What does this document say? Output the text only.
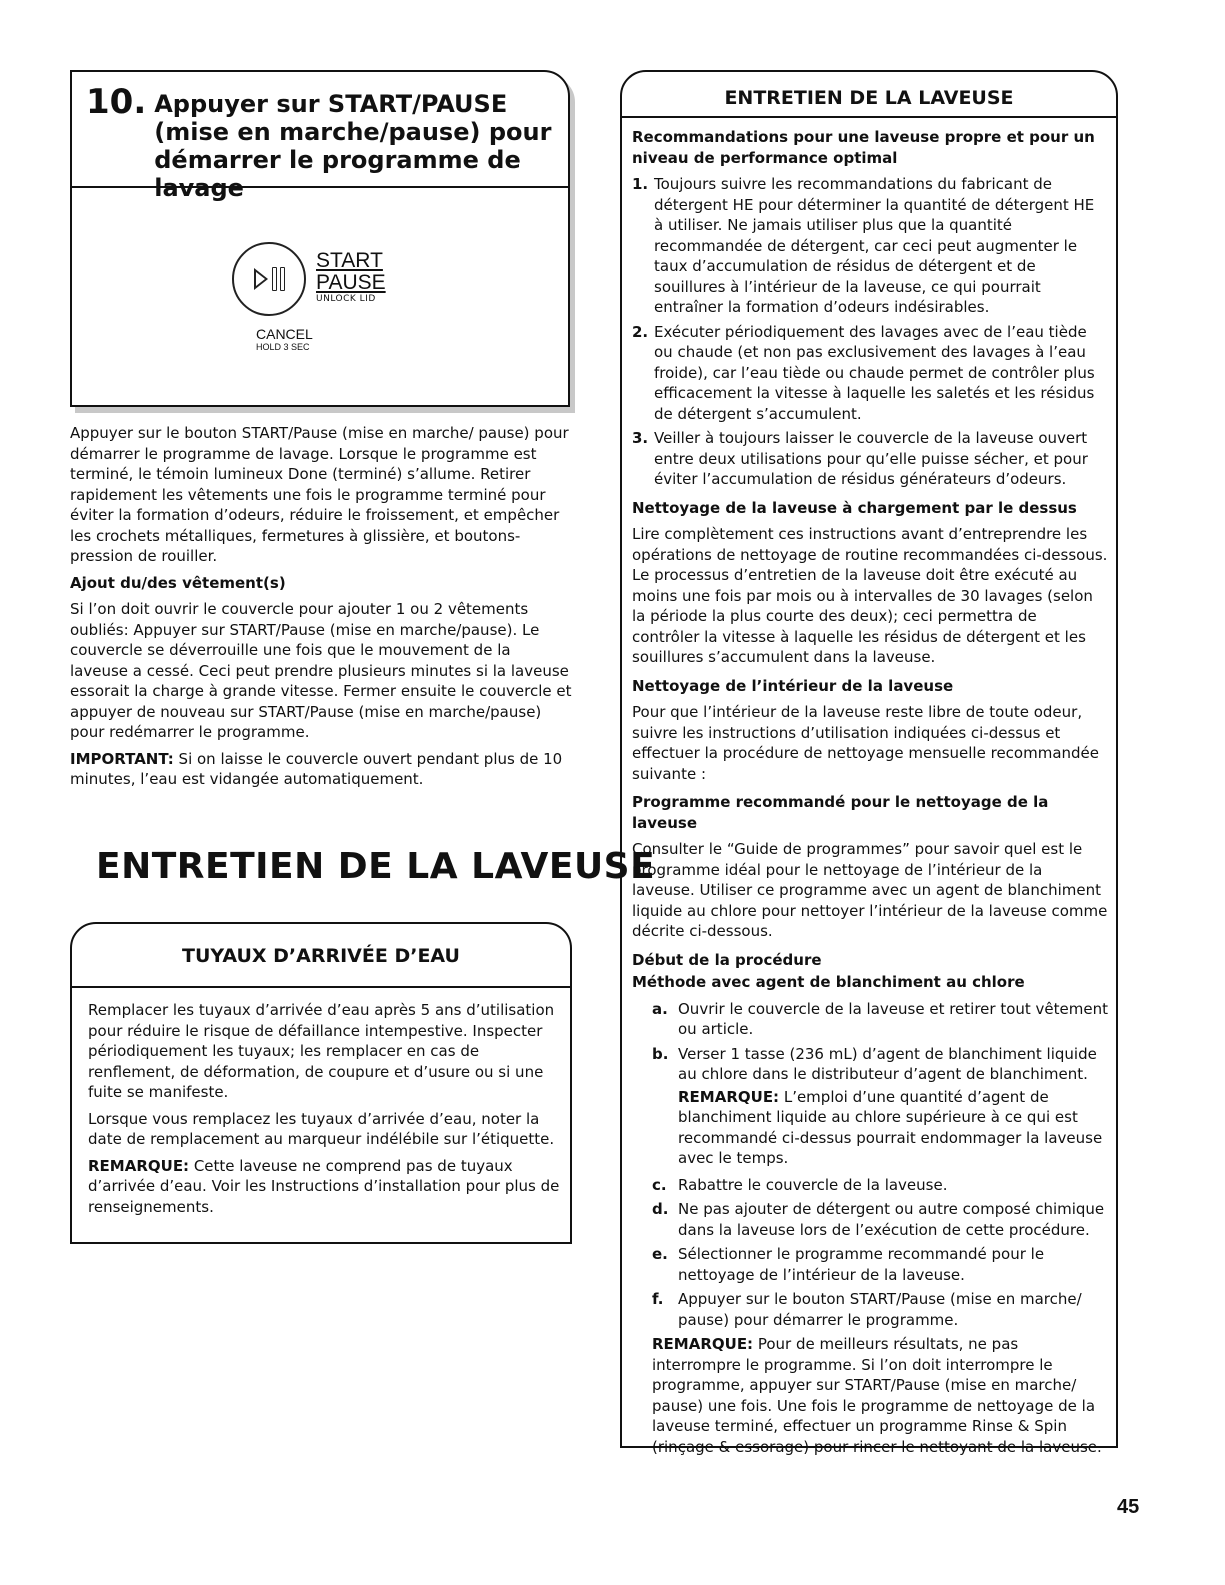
10. Appuyer sur START/PAUSE
(mise en marche/pause) pour
démarrer le programme de lavage
START
PAUSE
UNLOCK LID
CANCEL
HOLD 3 SEC

Appuyer sur le bouton START/Pause (mise en marche/ pause) pour démarrer le programme de lavage. Lorsque le programme est terminé, le témoin lumineux Done (terminé) s’allume. Retirer rapidement les vêtements une fois le programme terminé pour éviter la formation d’odeurs, réduire le froissement, et empêcher les crochets métalliques, fermetures à glissière, et boutons-pression de rouiller.

Ajout du/des vêtement(s)

Si l’on doit ouvrir le couvercle pour ajouter 1 ou 2 vêtements oubliés: Appuyer sur START/Pause (mise en marche/pause). Le couvercle se déverrouille une fois que le mouvement de la laveuse a cessé. Ceci peut prendre plusieurs minutes si la laveuse essorait la charge à grande vitesse. Fermer ensuite le couvercle et appuyer de nouveau sur START/Pause (mise en marche/pause) pour redémarrer le programme.

IMPORTANT: Si on laisse le couvercle ouvert pendant plus de 10 minutes, l’eau est vidangée automatiquement.

ENTRETIEN DE LA LAVEUSE
TUYAUX D’ARRIVÉE D’EAU

Remplacer les tuyaux d’arrivée d’eau après 5 ans d’utilisation pour réduire le risque de défaillance intempestive. Inspecter périodiquement les tuyaux; les remplacer en cas de renflement, de déformation, de coupure et d’usure ou si une fuite se manifeste.

Lorsque vous remplacez les tuyaux d’arrivée d’eau, noter la date de remplacement au marqueur indélébile sur l’étiquette.

REMARQUE: Cette laveuse ne comprend pas de tuyaux d’arrivée d’eau. Voir les Instructions d’installation pour plus de renseignements.

ENTRETIEN DE LA LAVEUSE

Recommandations pour une laveuse propre et pour un niveau de performance optimal

1. Toujours suivre les recommandations du fabricant de détergent HE pour déterminer la quantité de détergent HE à utiliser. Ne jamais utiliser plus que la quantité recommandée de détergent, car ceci peut augmenter le taux d’accumulation de résidus de détergent et de souillures à l’intérieur de la laveuse, ce qui pourrait entraîner la formation d’odeurs indésirables.
2. Exécuter périodiquement des lavages avec de l’eau tiède ou chaude (et non pas exclusivement des lavages à l’eau froide), car l’eau tiède ou chaude permet de contrôler plus efficacement la vitesse à laquelle les saletés et les résidus de détergent s’accumulent.
3. Veiller à toujours laisser le couvercle de la laveuse ouvert entre deux utilisations pour qu’elle puisse sécher, et pour éviter l’accumulation de résidus générateurs d’odeurs.

Nettoyage de la laveuse à chargement par le dessus

Lire complètement ces instructions avant d’entreprendre les opérations de nettoyage de routine recommandées ci-dessous. Le processus d’entretien de la laveuse doit être exécuté au moins une fois par mois ou à intervalles de 30 lavages (selon la période la plus courte des deux); ceci permettra de contrôler la vitesse à laquelle les résidus de détergent et les souillures s’accumulent dans la laveuse.

Nettoyage de l’intérieur de la laveuse

Pour que l’intérieur de la laveuse reste libre de toute odeur, suivre les instructions d’utilisation indiquées ci-dessus et effectuer la procédure de nettoyage mensuelle recommandée suivante :

Programme recommandé pour le nettoyage de la laveuse

Consulter le “Guide de programmes” pour savoir quel est le programme idéal pour le nettoyage de l’intérieur de la laveuse. Utiliser ce programme avec un agent de blanchiment liquide au chlore pour nettoyer l’intérieur de la laveuse comme décrite ci-dessous.

Début de la procédure

Méthode avec agent de blanchiment au chlore

a. Ouvrir le couvercle de la laveuse et retirer tout vêtement ou article.
b. Verser 1 tasse (236 mL) d’agent de blanchiment liquide au chlore dans le distributeur d’agent de blanchiment.

REMARQUE: L’emploi d’une quantité d’agent de blanchiment liquide au chlore supérieure à ce qui est recommandé ci-dessus pourrait endommager la laveuse avec le temps.

c. Rabattre le couvercle de la laveuse.
d. Ne pas ajouter de détergent ou autre composé chimique dans la laveuse lors de l’exécution de cette procédure.
e. Sélectionner le programme recommandé pour le nettoyage de l’intérieur de la laveuse.
f. Appuyer sur le bouton START/Pause (mise en marche/ pause) pour démarrer le programme.

REMARQUE: Pour de meilleurs résultats, ne pas interrompre le programme. Si l’on doit interrompre le programme, appuyer sur START/Pause (mise en marche/ pause) une fois. Une fois le programme de nettoyage de la laveuse terminé, effectuer un programme Rinse & Spin (rinçage & essorage) pour rincer le nettoyant de la laveuse.

45
